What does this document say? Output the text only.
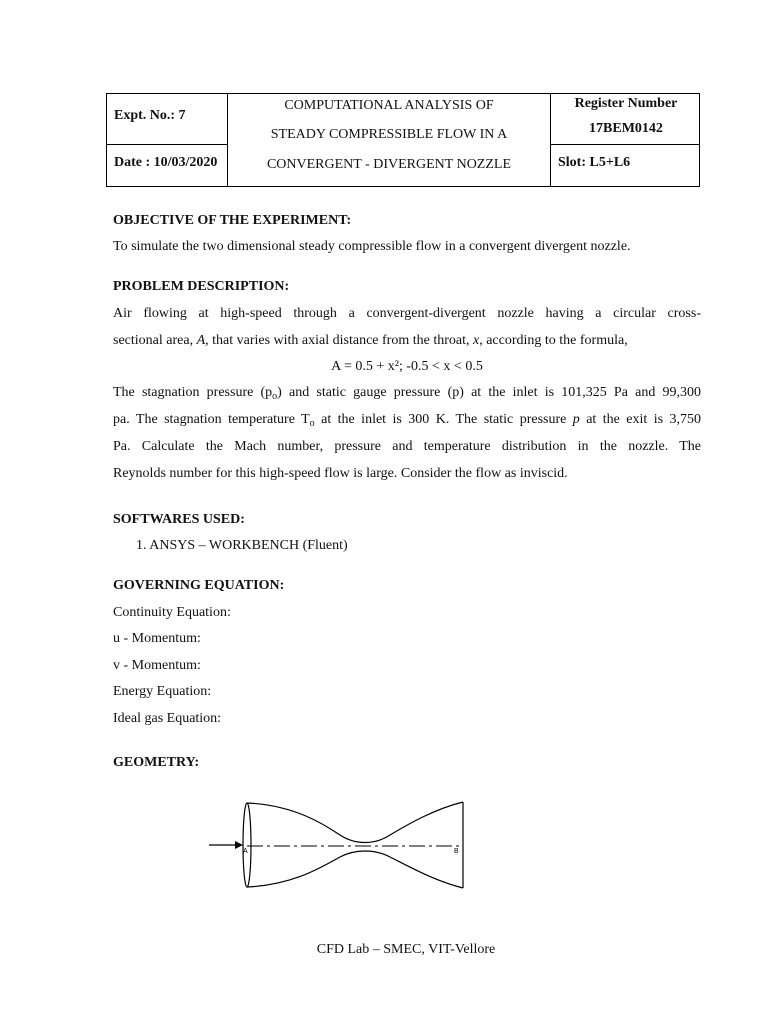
Expt. No.: 7
Date : 10/03/2020
COMPUTATIONAL ANALYSIS OF
STEADY COMPRESSIBLE FLOW IN A
CONVERGENT - DIVERGENT NOZZLE
Register Number
17BEM0142
Slot: L5+L6
OBJECTIVE OF THE EXPERIMENT:
To simulate the two dimensional steady compressible flow in a convergent divergent nozzle.
PROBLEM DESCRIPTION:
Air flowing at high-speed through a convergent-divergent nozzle having a circular cross-
sectional area, A, that varies with axial distance from the throat, x, according to the formula,
A = 0.5 + x²; -0.5 < x < 0.5
The stagnation pressure $(p_o)$ and static gauge pressure (p) at the inlet is 101,325 Pa and 99,300
pa. The stagnation temperature $T_o$ at the inlet is 300 K. The static pressure p at the exit is 3,750
Pa. Calculate the Mach number, pressure and temperature distribution in the nozzle. The
Reynolds number for this high-speed flow is large. Consider the flow as inviscid.
SOFTWARES USED:
1. ANSYS – WORKBENCH (Fluent)
GOVERNING EQUATION:
Continuity Equation:
u - Momentum:
v - Momentum:
Energy Equation:
Ideal gas Equation:
GEOMETRY:
A	B
CFD Lab – SMEC, VIT-Vellore
